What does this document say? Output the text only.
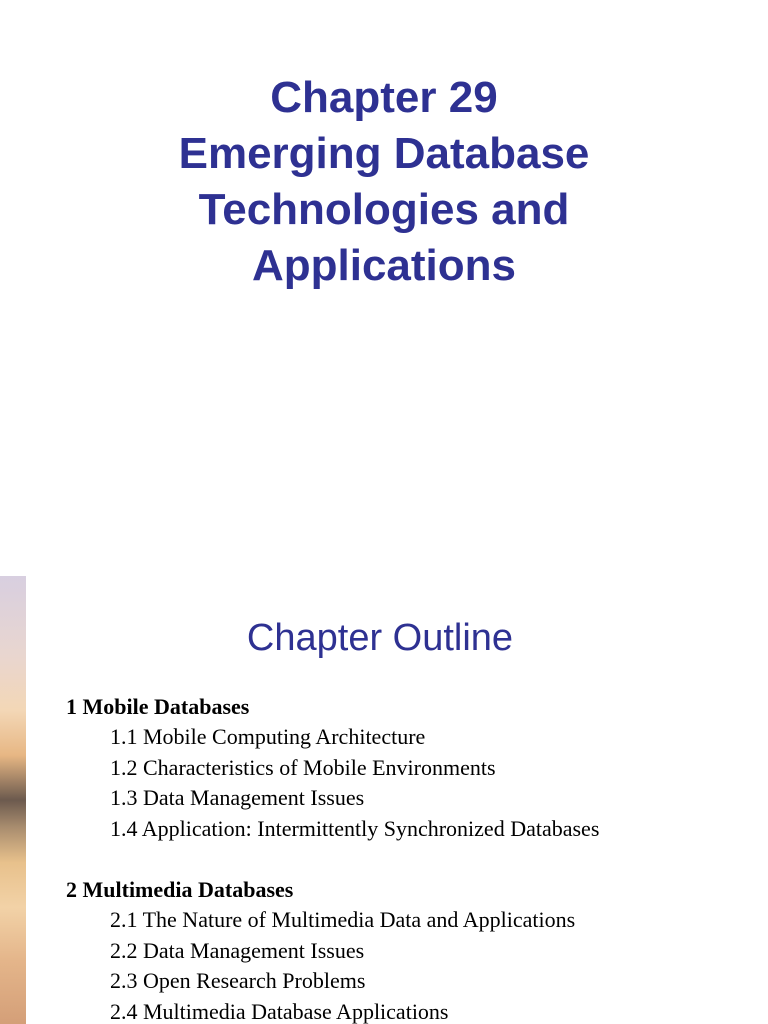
Chapter 29
Emerging Database
Technologies and
Applications
Chapter Outline
1 Mobile Databases
1.1 Mobile Computing Architecture
1.2 Characteristics of Mobile Environments
1.3 Data Management Issues
1.4 Application: Intermittently Synchronized Databases
2 Multimedia Databases
2.1 The Nature of Multimedia Data and Applications
2.2 Data Management Issues
2.3 Open Research Problems
2.4 Multimedia Database Applications
